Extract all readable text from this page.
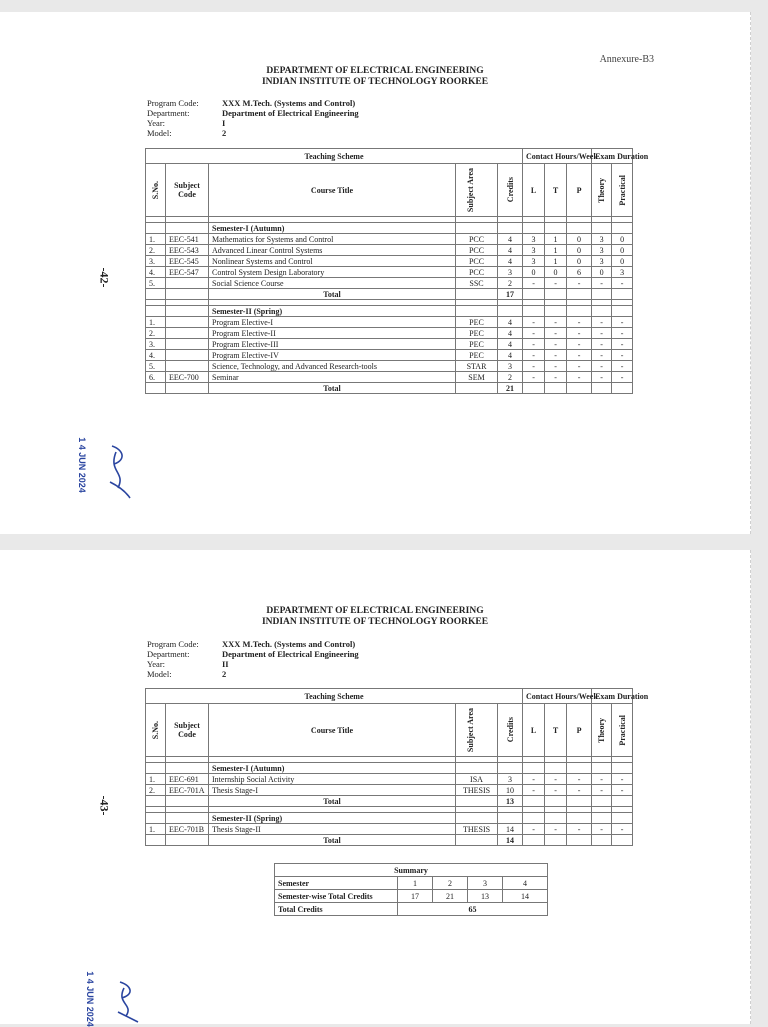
Annexure-B3
DEPARTMENT OF ELECTRICAL ENGINEERING
INDIAN INSTITUTE OF TECHNOLOGY ROORKEE
Program Code:	XXX M.Tech. (Systems and Control)
Department:	Department of Electrical Engineering
Year:	I
Model:	2
Teaching Scheme					Contact Hours/Week			Exam Duration	

S.No.	Subject Code	Course Title	Subject Area	Credits	L	T	P	Theory	Practical

		Semester-I (Autumn)							
1.	EEC-541	Mathematics for Systems and Control	PCC	4	3	1	0	3	0
2.	EEC-543	Advanced Linear Control Systems	PCC	4	3	1	0	3	0
3.	EEC-545	Nonlinear Systems and Control	PCC	4	3	1	0	3	0
4.	EEC-547	Control System Design Laboratory	PCC	3	0	0	6	0	3
5.		Social Science Course	SSC	2	-	-	-	-	-
		Total		17					

		Semester-II (Spring)							
1.		Program Elective-I	PEC	4	-	-	-	-	-
2.		Program Elective-II	PEC	4	-	-	-	-	-
3.		Program Elective-III	PEC	4	-	-	-	-	-
4.		Program Elective-IV	PEC	4	-	-	-	-	-
5.		Science, Technology, and Advanced Research-tools	STAR	3	-	-	-	-	-
6.	EEC-700	Seminar	SEM	2	-	-	-	-	-
		Total		21					
-42-
1 4 JUN 2024
DEPARTMENT OF ELECTRICAL ENGINEERING
INDIAN INSTITUTE OF TECHNOLOGY ROORKEE
Program Code:	XXX M.Tech. (Systems and Control)
Department:	Department of Electrical Engineering
Year:	II
Model:	2
Teaching Scheme					Contact Hours/Week			Exam Duration	

S.No.	Subject Code	Course Title	Subject Area	Credits	L	T	P	Theory	Practical

		Semester-I (Autumn)							
1.	EEC-691	Internship Social Activity	ISA	3	-	-	-	-	-
2.	EEC-701A	Thesis Stage-I	THESIS	10	-	-	-	-	-
		Total		13					

		Semester-II (Spring)							
1.	EEC-701B	Thesis Stage-II	THESIS	14	-	-	-	-	-
		Total		14					
Summary				
Semester	1	2	3	4
Semester-wise Total Credits	17	21	13	14
Total Credits	65			
-43-
1 4 JUN 2024
